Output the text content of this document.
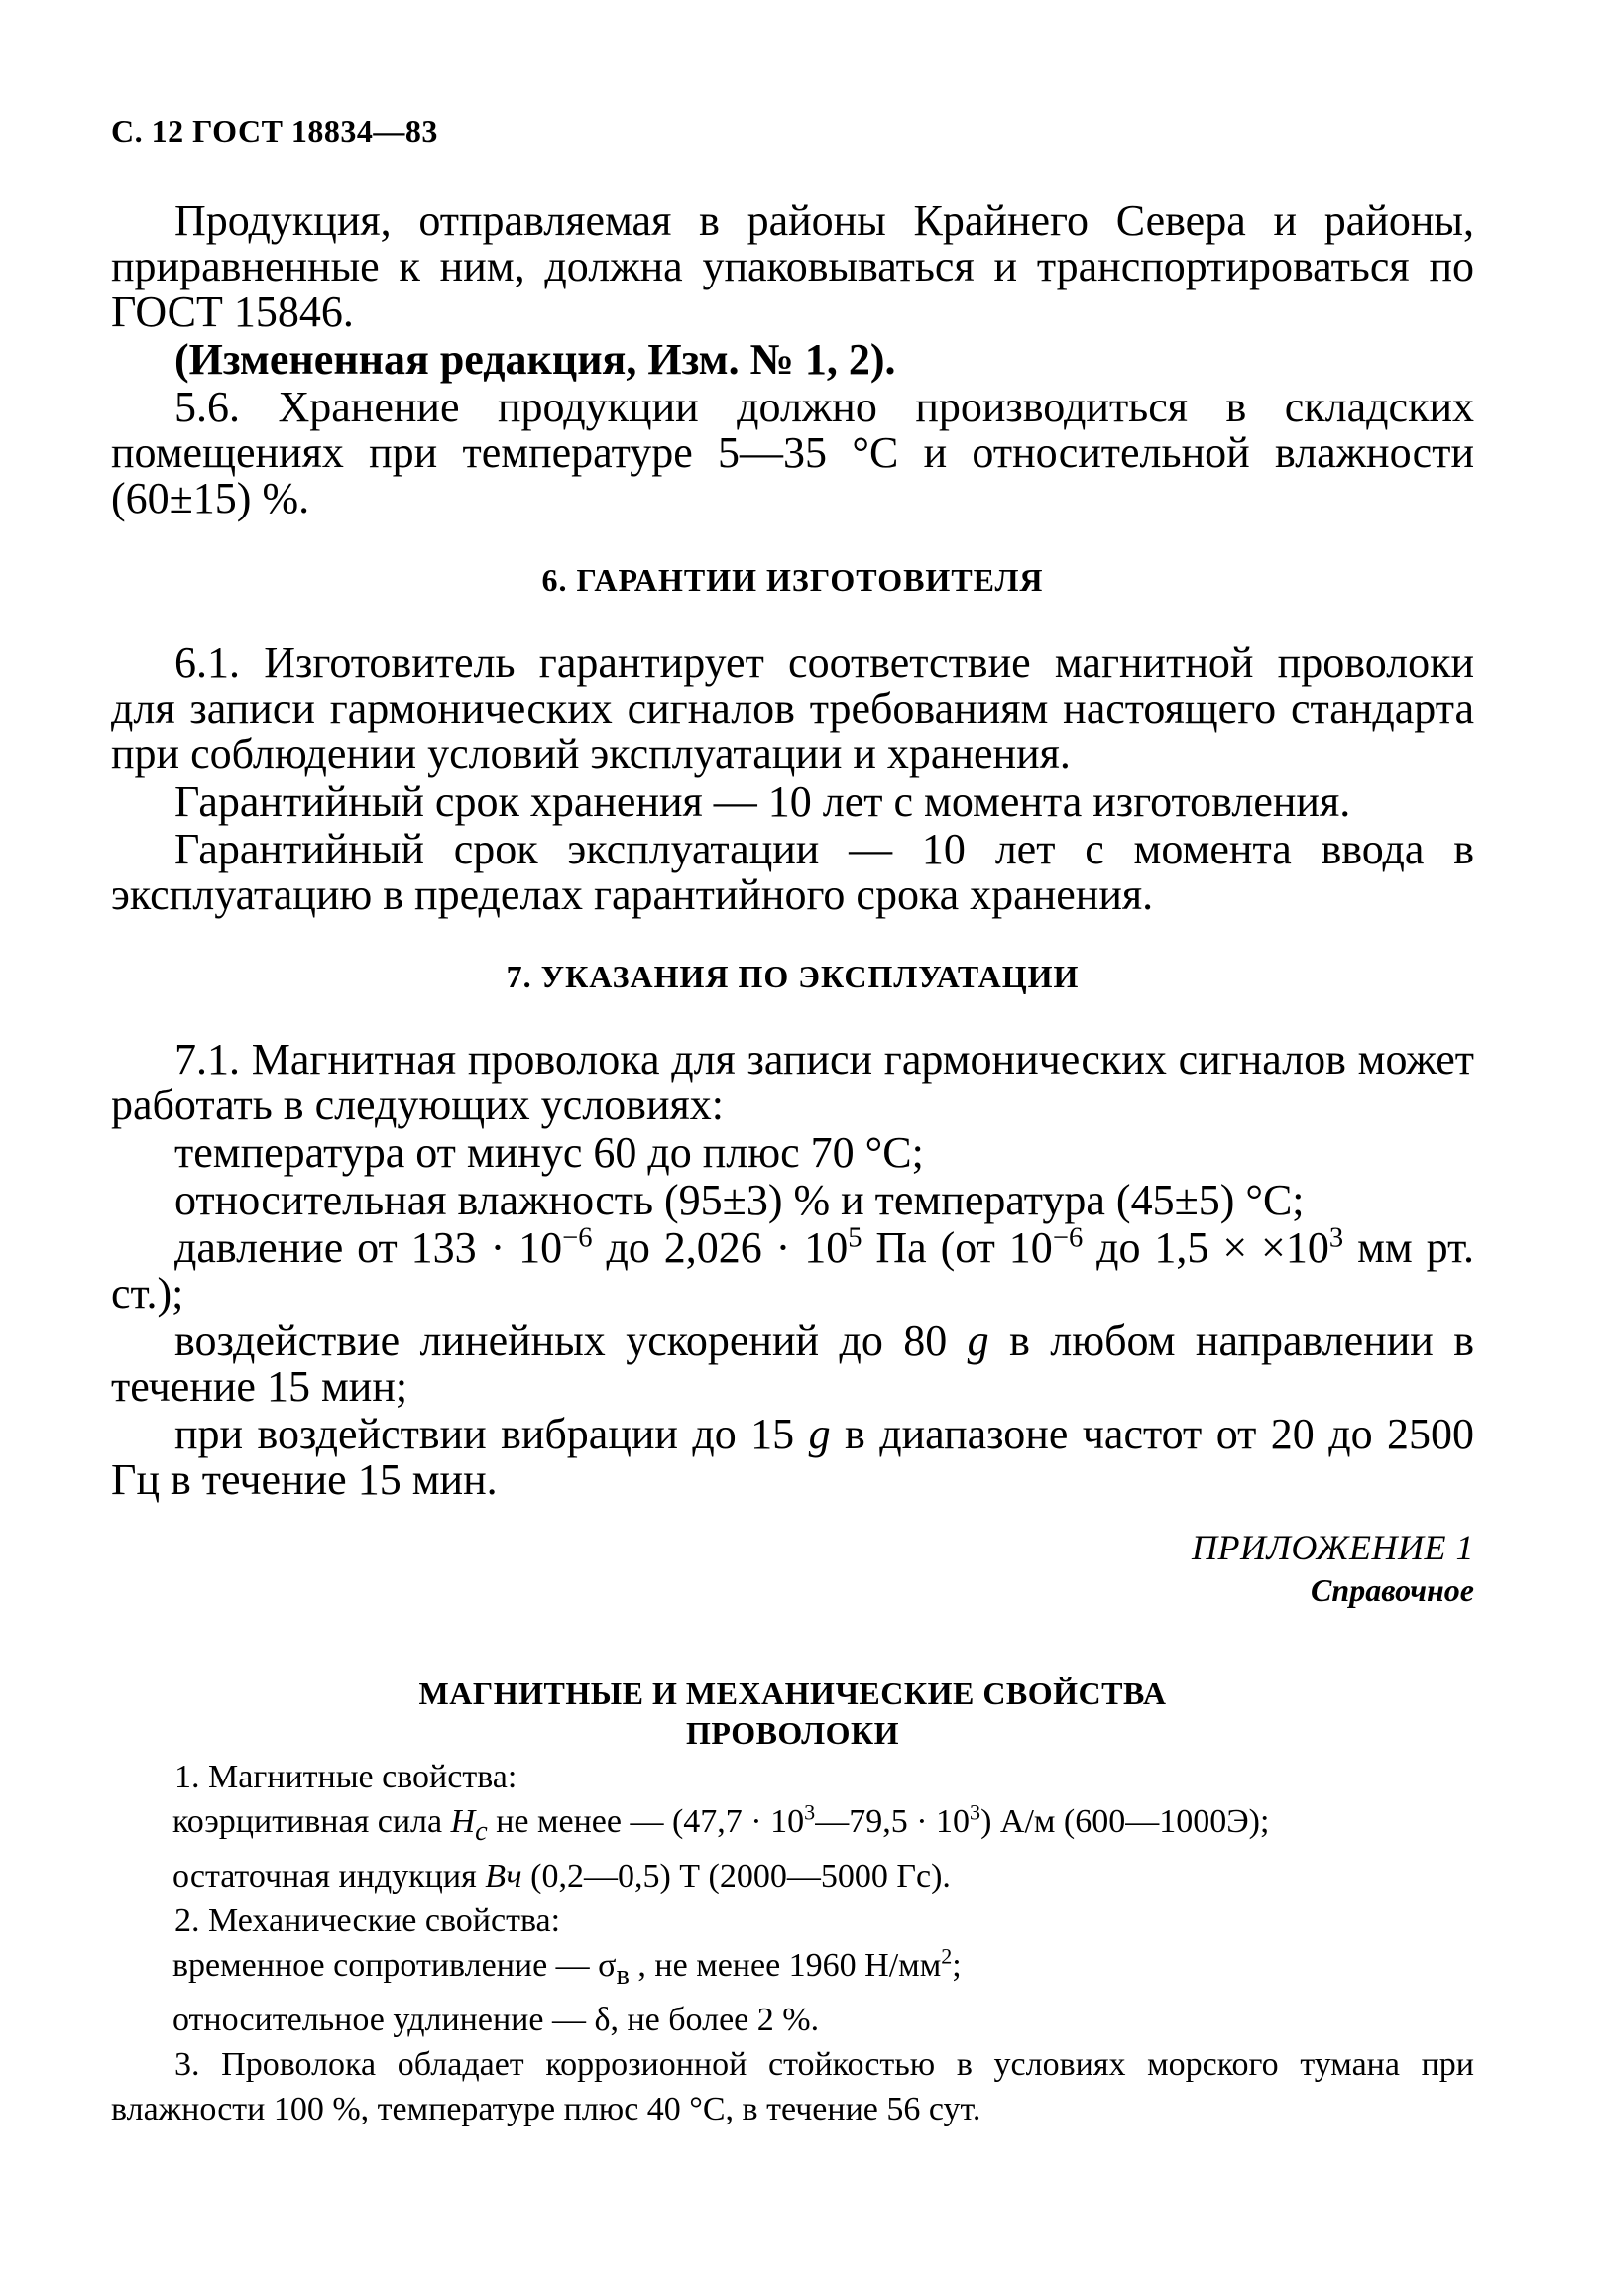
С. 12 ГОСТ 18834—83

Продукция, отправляемая в районы Крайнего Севера и районы, приравненные к ним, должна упаковываться и транспортироваться по ГОСТ 15846.

(Измененная редакция, Изм. № 1, 2).

5.6. Хранение продукции должно производиться в складских помещениях при температуре 5—35 °С и относительной влажности (60±15) %.

6. ГАРАНТИИ ИЗГОТОВИТЕЛЯ

6.1. Изготовитель гарантирует соответствие магнитной проволоки для записи гармонических сигналов требованиям настоящего стандарта при соблюдении условий эксплуатации и хранения.

Гарантийный срок хранения — 10 лет с момента изготовления.

Гарантийный срок эксплуатации — 10 лет с момента ввода в эксплуатацию в пределах гарантийного срока хранения.

7. УКАЗАНИЯ ПО ЭКСПЛУАТАЦИИ

7.1. Магнитная проволока для записи гармонических сигналов может работать в следующих условиях:

температура от минус 60 до плюс 70 °С;

относительная влажность (95±3) % и температура (45±5) °С;

давление от $133 \cdot 10^{-6}$ до $2,026 \cdot 10^5$ Па (от $10^{-6}$ до $1,5 \times \times 10^3$ мм рт. ст.);

воздействие линейных ускорений до 80 g в любом направлении в течение 15 мин;

при воздействии вибрации до 15 g в диапазоне частот от 20 до 2500 Гц в течение 15 мин.

ПРИЛОЖЕНИЕ 1
Справочное
МАГНИТНЫЕ И МЕХАНИЧЕСКИЕ СВОЙСТВА
ПРОВОЛОКИ

1. Магнитные свойства:

коэрцитивная сила $H_c$ не менее — $(47,7 \cdot 10^3—79,5 \cdot 10^3)$ А/м (600—1000Э);

остаточная индукция Вч (0,2—0,5) Т (2000—5000 Гс).

2. Механические свойства:

временное сопротивление — $\sigma_в$ , не менее 1960 $Н/мм^2$;

относительное удлинение — δ, не более 2 %.

3. Проволока обладает коррозионной стойкостью в условиях морского тумана при влажности 100 %, температуре плюс 40 °С, в течение 56 сут.
